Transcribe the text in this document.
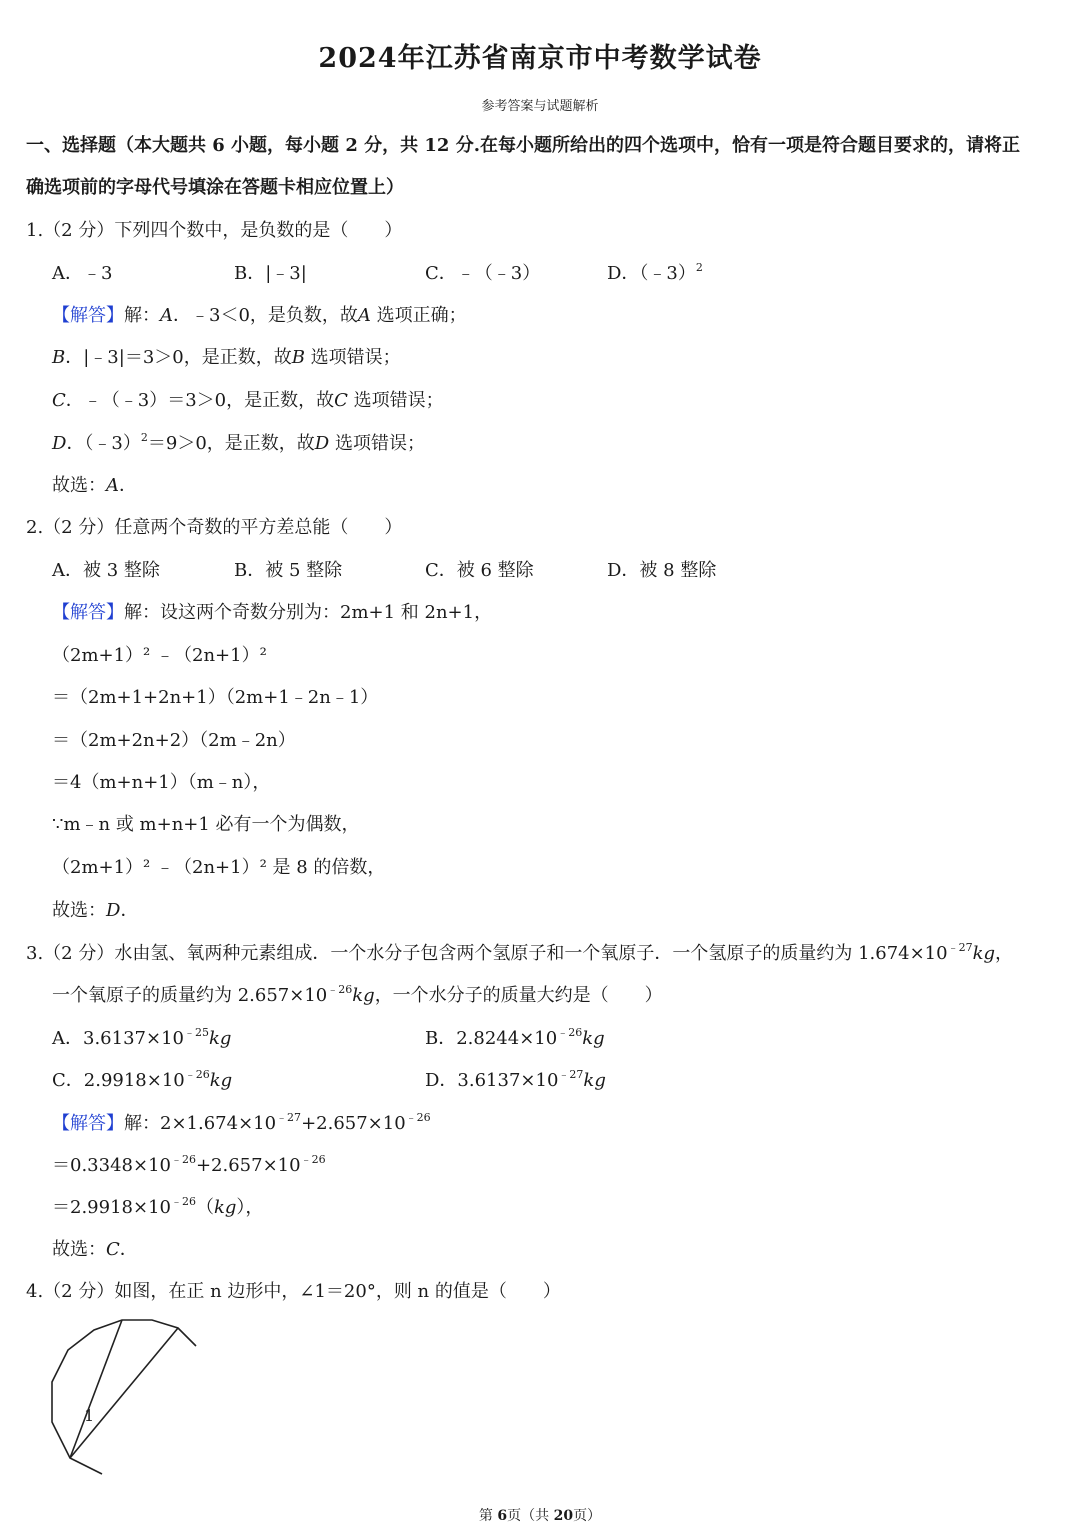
2024年江苏省南京市中考数学试卷
参考答案与试题解析
一、选择题（本大题共 6 小题，每小题 2 分，共 12 分.在每小题所给出的四个选项中，恰有一项是符合题目要求的，请将正
确选项前的字母代号填涂在答题卡相应位置上）
1.（2 分）下列四个数中，是负数的是（　　）
A．﹣3	B．|﹣3|	C．﹣（﹣3）	D．（﹣3）$^2$
【解答】解：A．﹣3＜0，是负数，故A 选项正确；
B．|﹣3|＝3＞0，是正数，故B 选项错误；
C．﹣（﹣3）＝3＞0，是正数，故C 选项错误；
D．（﹣3）$^2$＝9＞0，是正数，故D 选项错误；
故选：A．
2.（2 分）任意两个奇数的平方差总能（　　）
A．被 3 整除	B．被 5 整除	C．被 6 整除	D．被 8 整除
【解答】解：设这两个奇数分别为：2m+1 和 2n+1，
（2m+1）² ﹣（2n+1）²
＝（2m+1+2n+1）（2m+1﹣2n﹣1）
＝（2m+2n+2）（2m﹣2n）
＝4（m+n+1）（m﹣n），
∵m﹣n 或 m+n+1 必有一个为偶数，
（2m+1）² ﹣（2n+1）² 是 8 的倍数，
故选：D．
3.（2 分）水由氢、氧两种元素组成．一个水分子包含两个氢原子和一个氧原子．一个氢原子的质量约为 $1.674\times 10^{﹣27}kg$，
一个氧原子的质量约为 $2.657\times 10^{﹣26}kg$，一个水分子的质量大约是（　　）
A．$3.6137\times 10^{﹣25}kg$	B．$2.8244\times 10^{﹣26}kg$
C．$2.9918\times 10^{﹣26}kg$	D．$3.6137\times 10^{﹣27}kg$
【解答】解：$2\times 1.674\times 10^{﹣27}+2.657\times 10^{﹣26}$
$=0.3348\times 10^{﹣26}+2.657\times 10^{﹣26}$
$=2.9918\times 10^{﹣26}(kg)$，
故选：C．
4.（2 分）如图，在正 n 边形中，∠1＝20°，则 n 的值是（　　）
1
第 6页（共 20页）
